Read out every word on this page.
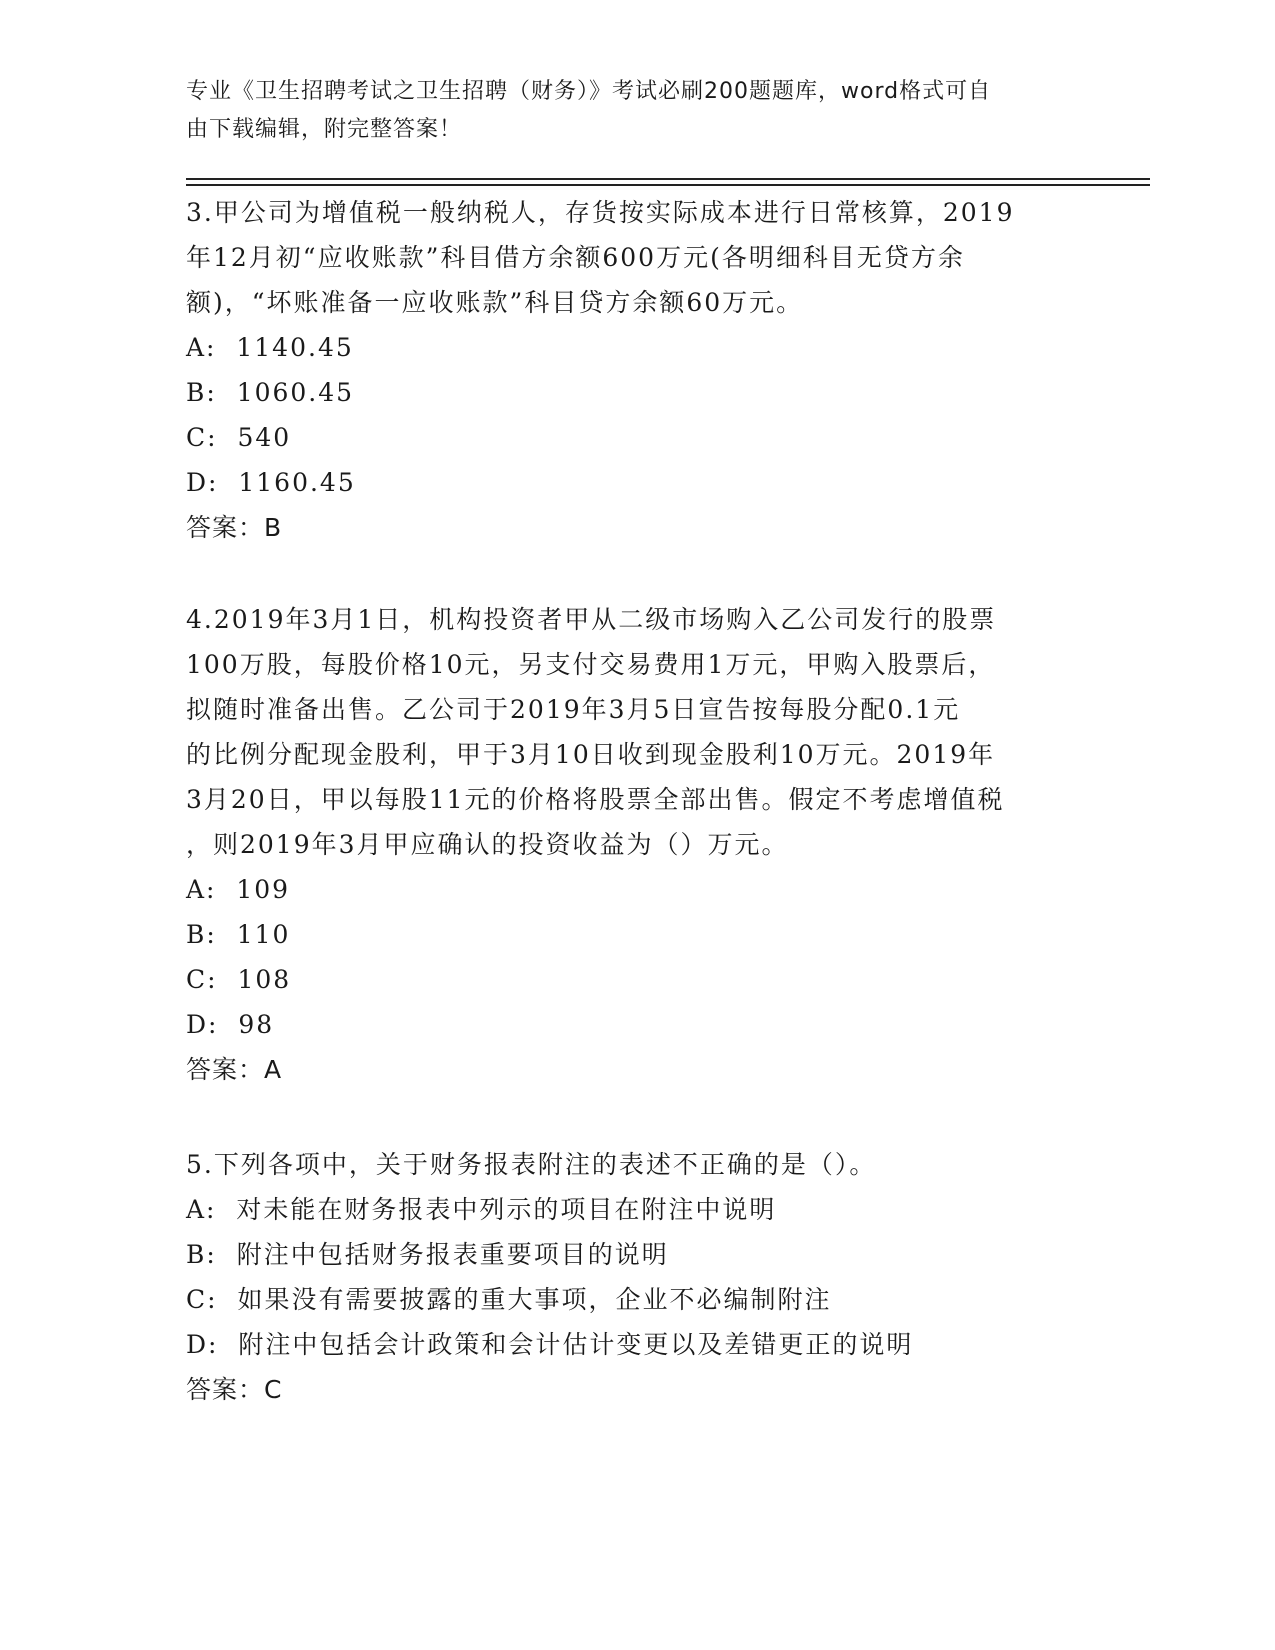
专业《卫生招聘考试之卫生招聘（财务）》考试必刷200题题库，word格式可自
由下载编辑，附完整答案！

3.甲公司为增值税一般纳税人，存货按实际成本进行日常核算，2019

年12月初“应收账款”科目借方余额600万元(各明细科目无贷方余

额)，“坏账准备一应收账款”科目贷方余额60万元。

A:  1140.45

B:  1060.45

C:  540

D:  1160.45

答案：B

4.2019年3月1日，机构投资者甲从二级市场购入乙公司发行的股票

100万股，每股价格10元，另支付交易费用1万元，甲购入股票后，

拟随时准备出售。乙公司于2019年3月5日宣告按每股分配0.1元

的比例分配现金股利，甲于3月10日收到现金股利10万元。2019年

3月20日，甲以每股11元的价格将股票全部出售。假定不考虑增值税

，则2019年3月甲应确认的投资收益为（）万元。

A:  109

B:  110

C:  108

D:  98

答案：A

5.下列各项中，关于财务报表附注的表述不正确的是（）。

A:  对未能在财务报表中列示的项目在附注中说明

B:  附注中包括财务报表重要项目的说明

C:  如果没有需要披露的重大事项，企业不必编制附注

D:  附注中包括会计政策和会计估计变更以及差错更正的说明

答案：C
